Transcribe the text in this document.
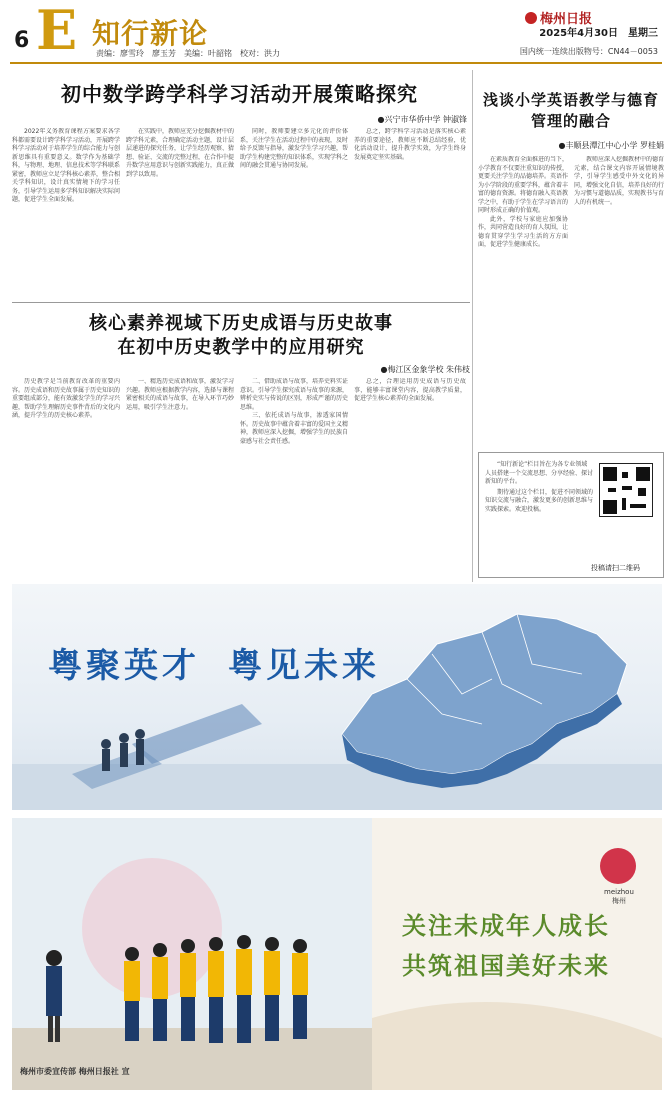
6 E 知行新论
责编：廖雪玲 廖玉芳 美编：叶韶铭 校对：洪力
梅州日报
2025年4月30日 星期三
国内统一连续出版物号：CN44－0053
初中数学跨学科学习活动开展策略探究
●兴宁市华侨中学 钟淑锋

2022年义务教育课程方案要求各学科都需要设计跨学科学习活动，开展跨学科学习活动对于培养学生的综合能力与创新思维具有重要意义。数学作为基础学科，与物理、地理、信息技术等学科联系紧密，教师应立足学科核心素养，整合相关学科知识，设计真实情境下的学习任务，引导学生运用多学科知识解决实际问题，促进学生全面发展。

在实践中，教师应充分挖掘教材中的跨学科元素，合理确定活动主题，设计层层递进的探究任务，让学生经历观察、猜想、验证、交流的完整过程，在合作中提升数学应用意识与创新实践能力，真正做到学以致用。

同时，教师要建立多元化的评价体系，关注学生在活动过程中的表现，及时给予反馈与指导，激发学生学习兴趣，帮助学生构建完整的知识体系，实现学科之间的融会贯通与协同发展。

总之，跨学科学习活动是落实核心素养的重要途径，教师应不断总结经验，优化活动设计，提升教学实效，为学生终身发展奠定坚实基础。

浅谈小学英语教学与德育管理的融合
●丰顺县潭江中心小学 罗桂娟

在素质教育全面推进的当下，小学教育不仅要注重知识的传授，更要关注学生的品德培养。英语作为小学阶段的重要学科，蕴含着丰富的德育资源。将德育融入英语教学之中，有助于学生在学习语言的同时形成正确的价值观。

此外，学校与家庭应加强协作，共同营造良好的育人氛围，让德育贯穿学生学习生活的方方面面，促进学生健康成长。

教师应深入挖掘教材中的德育元素，结合课文内容开展情境教学，引导学生感受中外文化的异同，增强文化自信，培养良好的行为习惯与道德品质，实现教书与育人的有机统一。

核心素养视域下历史成语与历史故事
在初中历史教学中的应用研究
●梅江区金象学校 朱伟枝

历史教学是当前教育改革的重要内容。历史成语和历史故事属于历史知识的重要组成部分，能有效激发学生的学习兴趣，帮助学生理解历史事件背后的文化内涵，提升学生的历史核心素养。

一、精选历史成语和故事，激发学习兴趣。教师应根据教学内容，选择与课程紧密相关的成语与故事，在导入环节巧妙运用，吸引学生注意力。

二、借助成语与故事，培养史料实证意识。引导学生探究成语与故事的来源，辨析史实与传说的区别，形成严谨的历史思维。

三、依托成语与故事，渗透家国情怀。历史故事中蕴含着丰富的爱国主义精神，教师应深入挖掘，增强学生的民族自豪感与社会责任感。

总之，合理运用历史成语与历史故事，能够丰富课堂内容，提高教学质量，促进学生核心素养的全面发展。

“知行新论”栏目旨在为各专业领域人员搭建一个交流思想、分享经验、探讨新知的平台。

期待通过这个栏目，促进不同领域的知识交流与融合，激发更多的创新思维与实践探索。欢迎投稿。

投稿请扫二维码
粤聚英才 粤见未来
meizhou
梅州
关注未成年人成长
共筑祖国美好未来
梅州市委宣传部 梅州日报社 宣
